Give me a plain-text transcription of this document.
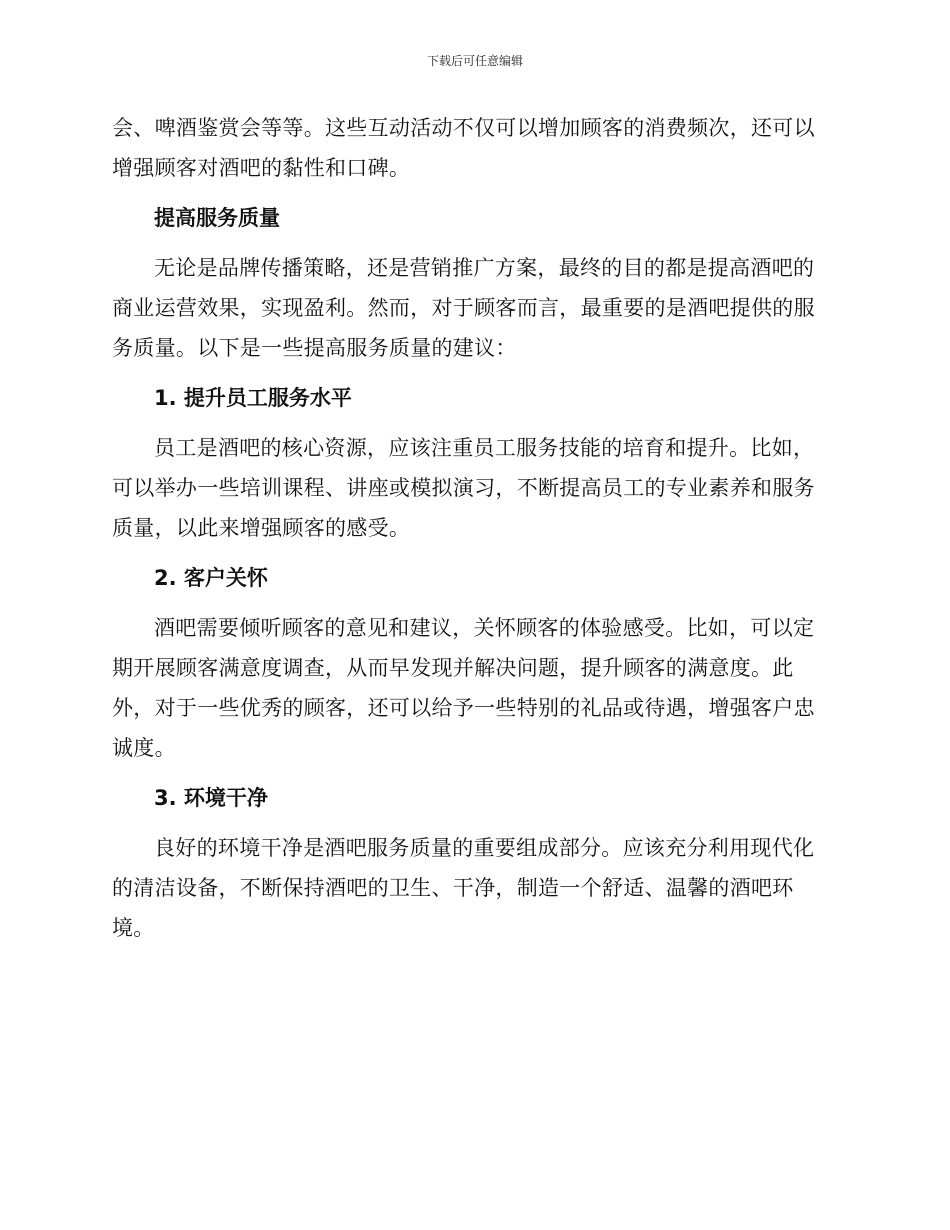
下载后可任意编辑

会、啤酒鉴赏会等等。这些互动活动不仅可以增加顾客的消费频次，还可以
增强顾客对酒吧的黏性和口碑。

提高服务质量

无论是品牌传播策略，还是营销推广方案，最终的目的都是提高酒吧的
商业运营效果，实现盈利。然而，对于顾客而言，最重要的是酒吧提供的服
务质量。以下是一些提高服务质量的建议：

1. 提升员工服务水平

员工是酒吧的核心资源，应该注重员工服务技能的培育和提升。比如，
可以举办一些培训课程、讲座或模拟演习，不断提高员工的专业素养和服务
质量，以此来增强顾客的感受。

2. 客户关怀

酒吧需要倾听顾客的意见和建议，关怀顾客的体验感受。比如，可以定
期开展顾客满意度调查，从而早发现并解决问题，提升顾客的满意度。此
外，对于一些优秀的顾客，还可以给予一些特别的礼品或待遇，增强客户忠
诚度。

3. 环境干净

良好的环境干净是酒吧服务质量的重要组成部分。应该充分利用现代化
的清洁设备，不断保持酒吧的卫生、干净，制造一个舒适、温馨的酒吧环
境。
